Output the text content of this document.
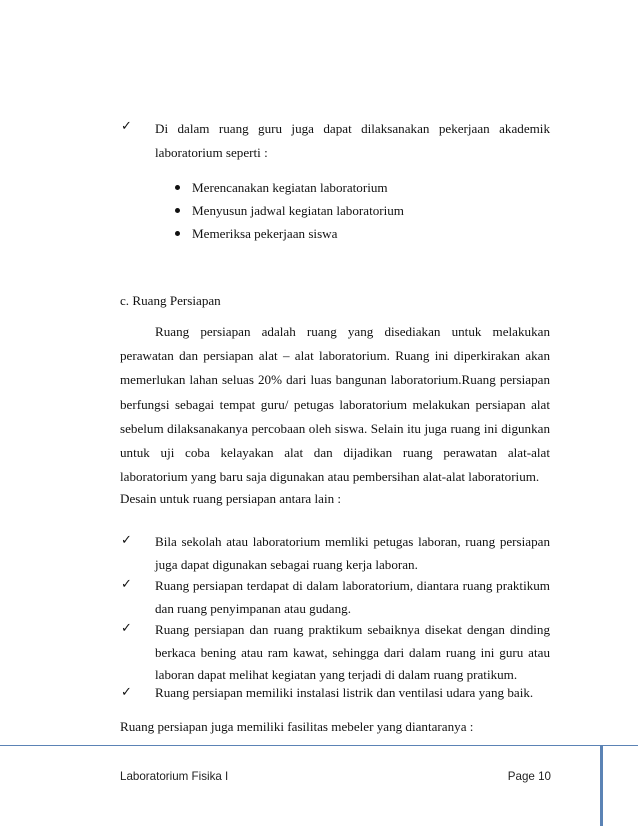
✓ Di dalam ruang guru juga dapat dilaksanakan pekerjaan akademik laboratorium seperti :
Merencanakan kegiatan laboratorium
Menyusun jadwal kegiatan laboratorium
Memeriksa pekerjaan siswa
c. Ruang Persiapan
Ruang persiapan adalah ruang yang disediakan untuk melakukan perawatan dan persiapan alat – alat laboratorium. Ruang ini diperkirakan akan memerlukan lahan seluas 20% dari luas bangunan laboratorium.Ruang persiapan berfungsi sebagai tempat guru/ petugas laboratorium melakukan persiapan alat sebelum dilaksanakanya percobaan oleh siswa. Selain itu juga ruang ini digunkan untuk uji coba kelayakan alat dan dijadikan ruang perawatan alat-alat laboratorium yang baru saja digunakan atau pembersihan alat-alat laboratorium.
Desain untuk ruang persiapan antara lain :
✓ Bila sekolah atau laboratorium memliki petugas laboran, ruang persiapan juga dapat digunakan sebagai ruang kerja laboran.
✓ Ruang persiapan terdapat di dalam laboratorium, diantara ruang praktikum dan ruang penyimpanan atau gudang.
✓ Ruang persiapan dan ruang praktikum sebaiknya disekat dengan dinding berkaca bening atau ram kawat, sehingga dari dalam ruang ini guru atau laboran dapat melihat kegiatan yang terjadi di dalam ruang pratikum.
✓ Ruang persiapan memiliki instalasi listrik dan ventilasi udara yang baik.
Ruang persiapan juga memiliki fasilitas mebeler yang diantaranya :
Laboratorium Fisika I	Page 10
